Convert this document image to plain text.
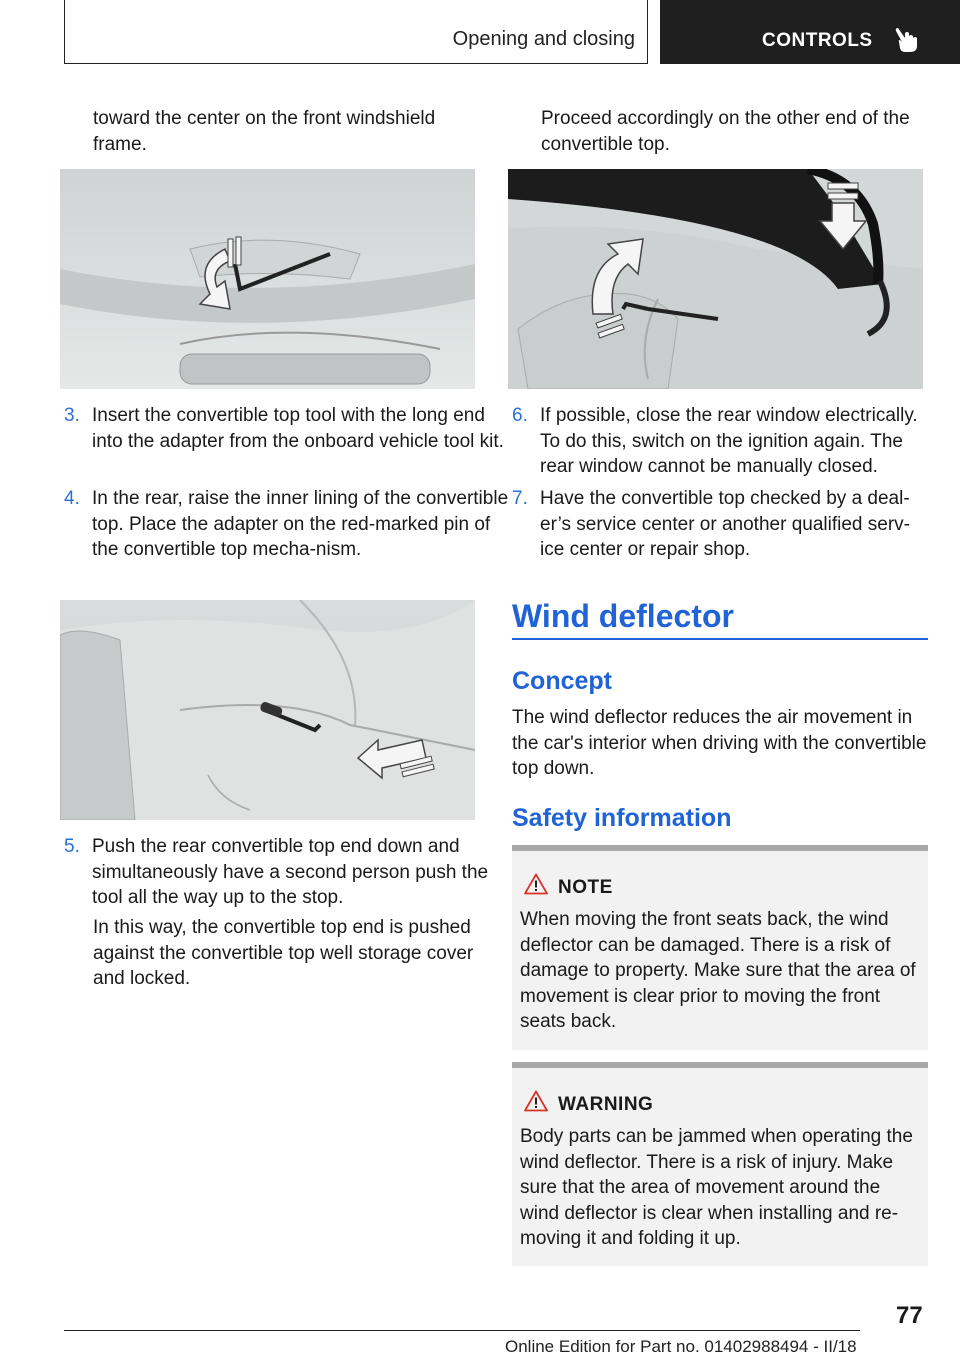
Opening and closing	CONTROLS

toward the center on the front windshield frame.

3. Insert the convertible top tool with the long end into the adapter from the onboard vehicle tool kit.
4. In the rear, raise the inner lining of the convertible top. Place the adapter on the red-marked pin of the convertible top mecha-nism.
5. Push the rear convertible top end down and simultaneously have a second person push the tool all the way up to the stop.

In this way, the convertible top end is pushed against the convertible top well storage cover and locked.

Proceed accordingly on the other end of the convertible top.

6. If possible, close the rear window electrically. To do this, switch on the ignition again. The rear window cannot be manually closed.
7. Have the convertible top checked by a deal-er’s service center or another qualified serv-ice center or repair shop.
Wind deflector
Concept

The wind deflector reduces the air movement in the car's interior when driving with the convertible top down.

Safety information
NOTE
When moving the front seats back, the wind deflector can be damaged. There is a risk of damage to property. Make sure that the area of movement is clear prior to moving the front seats back.
WARNING
Body parts can be jammed when operating the wind deflector. There is a risk of injury. Make sure that the area of movement around the wind deflector is clear when installing and re-moving it and folding it up.
77
Online Edition for Part no. 01402988494 - II/18
